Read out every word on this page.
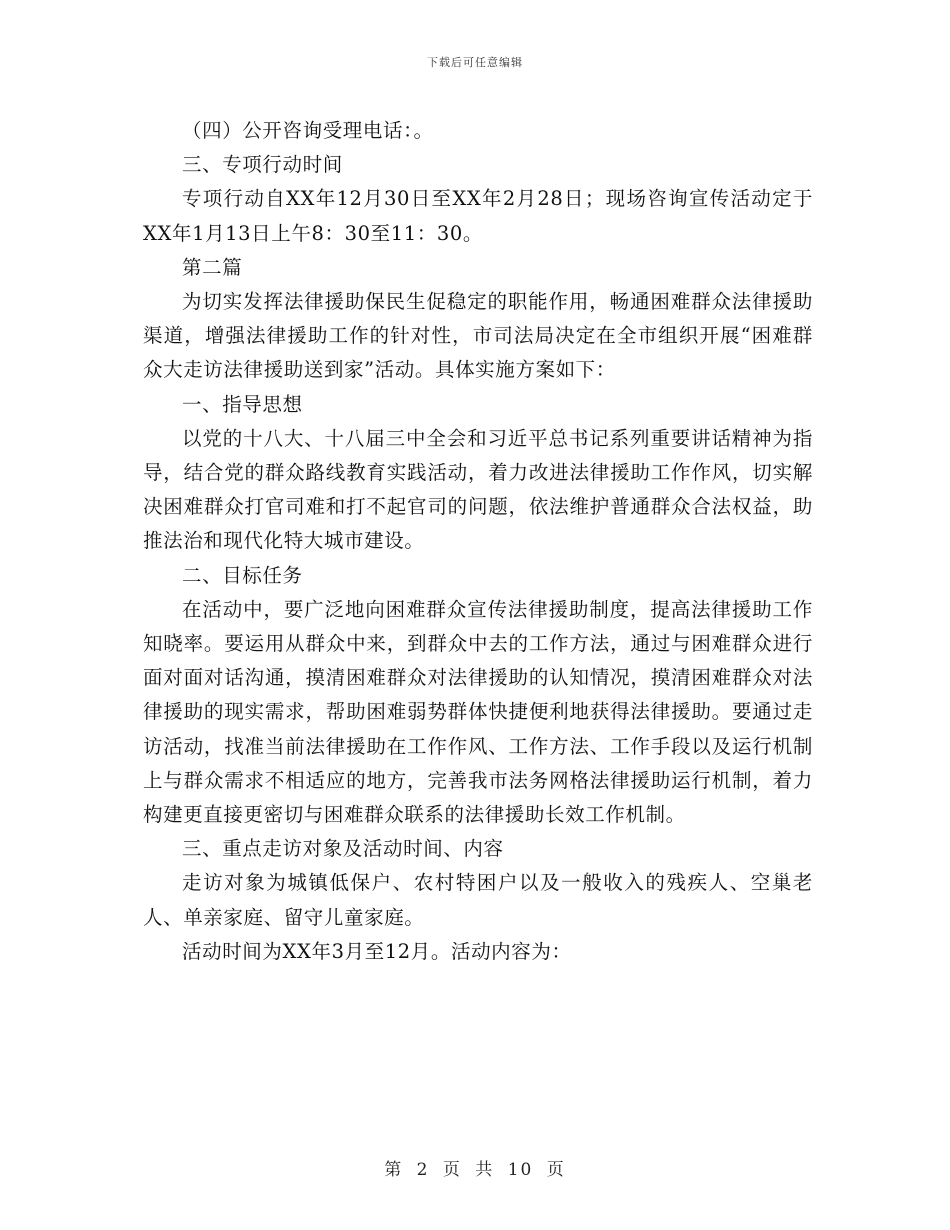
下载后可任意编辑

（四）公开咨询受理电话：。

三、专项行动时间

专项行动自XX年12月30日至XX年2月28日；现场咨询宣传活动定于XX年1月13日上午8：30至11：30。

第二篇

为切实发挥法律援助保民生促稳定的职能作用，畅通困难群众法律援助渠道，增强法律援助工作的针对性，市司法局决定在全市组织开展“困难群众大走访法律援助送到家”活动。具体实施方案如下：

一、指导思想

以党的十八大、十八届三中全会和习近平总书记系列重要讲话精神为指导，结合党的群众路线教育实践活动，着力改进法律援助工作作风，切实解决困难群众打官司难和打不起官司的问题，依法维护普通群众合法权益，助推法治和现代化特大城市建设。

二、目标任务

在活动中，要广泛地向困难群众宣传法律援助制度，提高法律援助工作知晓率。要运用从群众中来，到群众中去的工作方法，通过与困难群众进行面对面对话沟通，摸清困难群众对法律援助的认知情况，摸清困难群众对法律援助的现实需求，帮助困难弱势群体快捷便利地获得法律援助。要通过走访活动，找准当前法律援助在工作作风、工作方法、工作手段以及运行机制上与群众需求不相适应的地方，完善我市法务网格法律援助运行机制，着力构建更直接更密切与困难群众联系的法律援助长效工作机制。

三、重点走访对象及活动时间、内容

走访对象为城镇低保户、农村特困户以及一般收入的残疾人、空巢老人、单亲家庭、留守儿童家庭。

活动时间为XX年3月至12月。活动内容为：

第 2 页 共 10 页
